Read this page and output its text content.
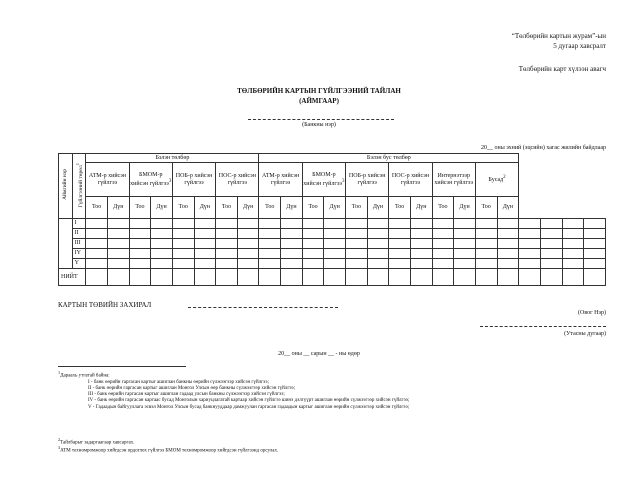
“Төлбөрийн картын журам”-ын
5 дугаар хавсралт
Төлбөрийн карт хүлээн авагч
ТӨЛБӨРИЙН КАРТЫН ГҮЙЛГЭЭНИЙ ТАЙЛАН
(АЙМГААР)
(Банкны нэр)
20__ оны эхний (эцсийн) хагас жилийн байдлаар
Аймгийн нэр	Гүйлгээний төрөл$^1$	Бэлэн төлбөр								Бэлэн бус төлбөр															
		АТМ-р хийсэн гүйлгээ		БМОМ-р хийсэн гүйлгээ$^3$		ПОБ-р хийсэн гүйлгээ		ПОС-р хийсэн гүйлгээ		АТМ-р хийсэн гүйлгээ		БМОМ-р хийсэн гүйлгээ$^3$		ПОБ-р хийсэн гүйлгээ		ПОС-р хийсэн гүйлгээ		Интернэтээр хийсэн гүйлгээ		Бусад$^2$
		Тоо	Дүн	Тоо	Дүн	Тоо	Дүн	Тоо	Дүн	Тоо	Дүн	Тоо	Дүн	Тоо	Дүн	Тоо	Дүн	Тоо	Дүн	Тоо	Дүн				
	I																								
	II																								
	III																								
	IY																								
	Y																								
НИЙТ																									
КАРТЫН ТӨВИЙН ЗАХИРАЛ
(Овог Нэр)
(Утасны дугаар)
20__ оны __ сарын __ - ны өдөр
$^1$Дараахь утгатай байна:
I - банк өөрийн гаргасан картыг ашиглан банкны өөрийн сүлжээгээр хийсэн гүйлгээ;
II - банк өөрийн гаргасан картыг ашиглан Монгол Улсын өөр банкны сүлжээгээр хийсэн гүйлгээ;
III - банк өөрийн гаргасан картыг ашиглан гадаад улсын банкны сүлжээгээр хийсэн гүйлгээ;
IV - банк өөрийн гаргасан картаас бусад Монголын хариуцлагатай картаар хийсэн гүйлгээ шинэ дэлгүүрт ашиглан өөрийн сүлжээгээр хийсэн гүйлгээ;
V - Гадаадын байгууллага эсвэл Монгол Улсын бусад банкнууддаар дамжуулан гаргасан гадаадын картыг ашиглан өөрийн сүлжээгээр хийсэн гүйлгээ;
$^2$Тайлбарыг задаргаагаар хавсаргах.
$^3$АТМ техномромжоор хийгдсэн ордоглох гүйлгээ БМОМ техномромжоор хийгдсэн гүйлгээнд орсулах.
